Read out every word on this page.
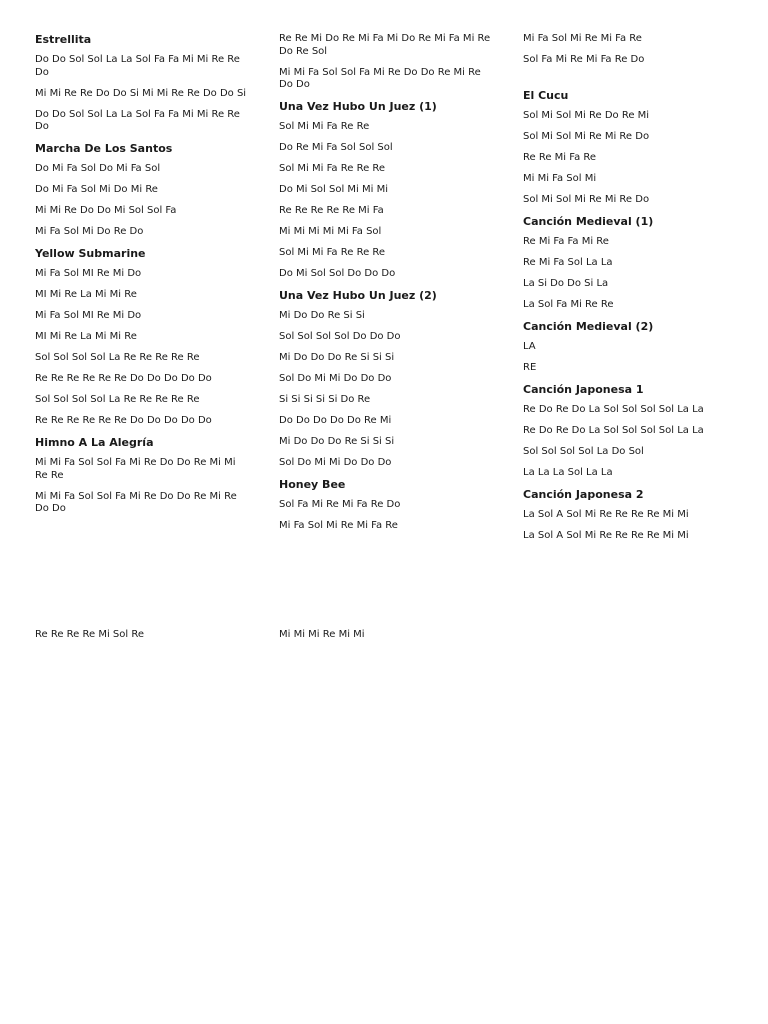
Estrellita
Do Do Sol Sol La La Sol Fa Fa Mi Mi Re Re Do
Mi Mi Re Re Do Do Si Mi Mi Re Re Do Do Si
Do Do Sol Sol La La Sol Fa Fa Mi Mi Re Re Do
Marcha De Los Santos
Do Mi Fa Sol Do Mi Fa Sol
Do Mi Fa Sol Mi Do Mi Re
Mi Mi Re Do Do Mi Sol Sol Fa
Mi Fa Sol Mi Do Re Do
Yellow Submarine
Mi Fa Sol MI Re Mi Do
MI Mi Re La Mi Mi Re
Mi Fa Sol MI Re Mi Do
MI Mi Re La Mi Mi Re
Sol Sol Sol Sol La Re Re Re Re Re
Re Re Re Re Re Re Do Do Do Do Do
Sol Sol Sol Sol La Re Re Re Re Re
Re Re Re Re Re Re Do Do Do Do Do
Himno A La Alegría
Mi Mi Fa Sol Sol Fa Mi Re Do Do Re Mi Mi Re Re
Mi Mi Fa Sol Sol Fa Mi Re Do Do Re Mi Re Do Do
Re Re Mi Do Re Mi Fa Mi Do Re Mi Fa Mi Re Do Re Sol
Mi Mi Fa Sol Sol Fa Mi Re Do Do Re Mi Re Do Do
Una Vez Hubo Un Juez (1)
Sol Mi Mi Fa Re Re
Do Re Mi Fa Sol Sol Sol
Sol Mi Mi Fa Re Re Re
Do Mi Sol Sol Mi Mi Mi
Re Re Re Re Re Mi Fa
Mi Mi Mi Mi Mi Fa Sol
Sol Mi Mi Fa Re Re Re
Do Mi Sol Sol Do Do Do
Una Vez Hubo Un Juez (2)
Mi Do Do Re Si Si
Sol Sol Sol Sol Do Do Do
Mi Do Do Do Re Si Si Si
Sol Do Mi Mi Do Do Do
Si Si Si Si Si Do Re
Do Do Do Do Do Re Mi
Mi Do Do Do Re Si Si Si
Sol Do Mi Mi Do Do Do
Honey Bee
Sol Fa Mi Re Mi Fa Re Do
Mi Fa Sol Mi Re Mi Fa Re
Mi Fa Sol Mi Re Mi Fa Re
Sol Fa Mi Re Mi Fa Re Do
El Cucu
Sol Mi Sol Mi Re Do Re Mi
Sol Mi Sol Mi Re Mi Re Do
Re Re Mi Fa Re
Mi Mi Fa Sol Mi
Sol Mi Sol Mi Re Mi Re Do
Canción Medieval (1)
Re Mi Fa Fa Mi Re
Re Mi Fa Sol La La
La Si Do Do Si La
La Sol Fa Mi Re Re
Canción Medieval (2)
LA
RE
Canción Japonesa 1
Re Do Re Do La Sol Sol Sol Sol La La
Re Do Re Do La Sol Sol Sol Sol La La
Sol Sol Sol Sol La Do Sol
La La La Sol La La
Canción Japonesa 2
La Sol A Sol Mi Re Re Re Re Mi Mi
La Sol A Sol Mi Re Re Re Re Mi Mi
Re Re Re Re Mi Sol Re	Mi Mi Mi Re Mi Mi
